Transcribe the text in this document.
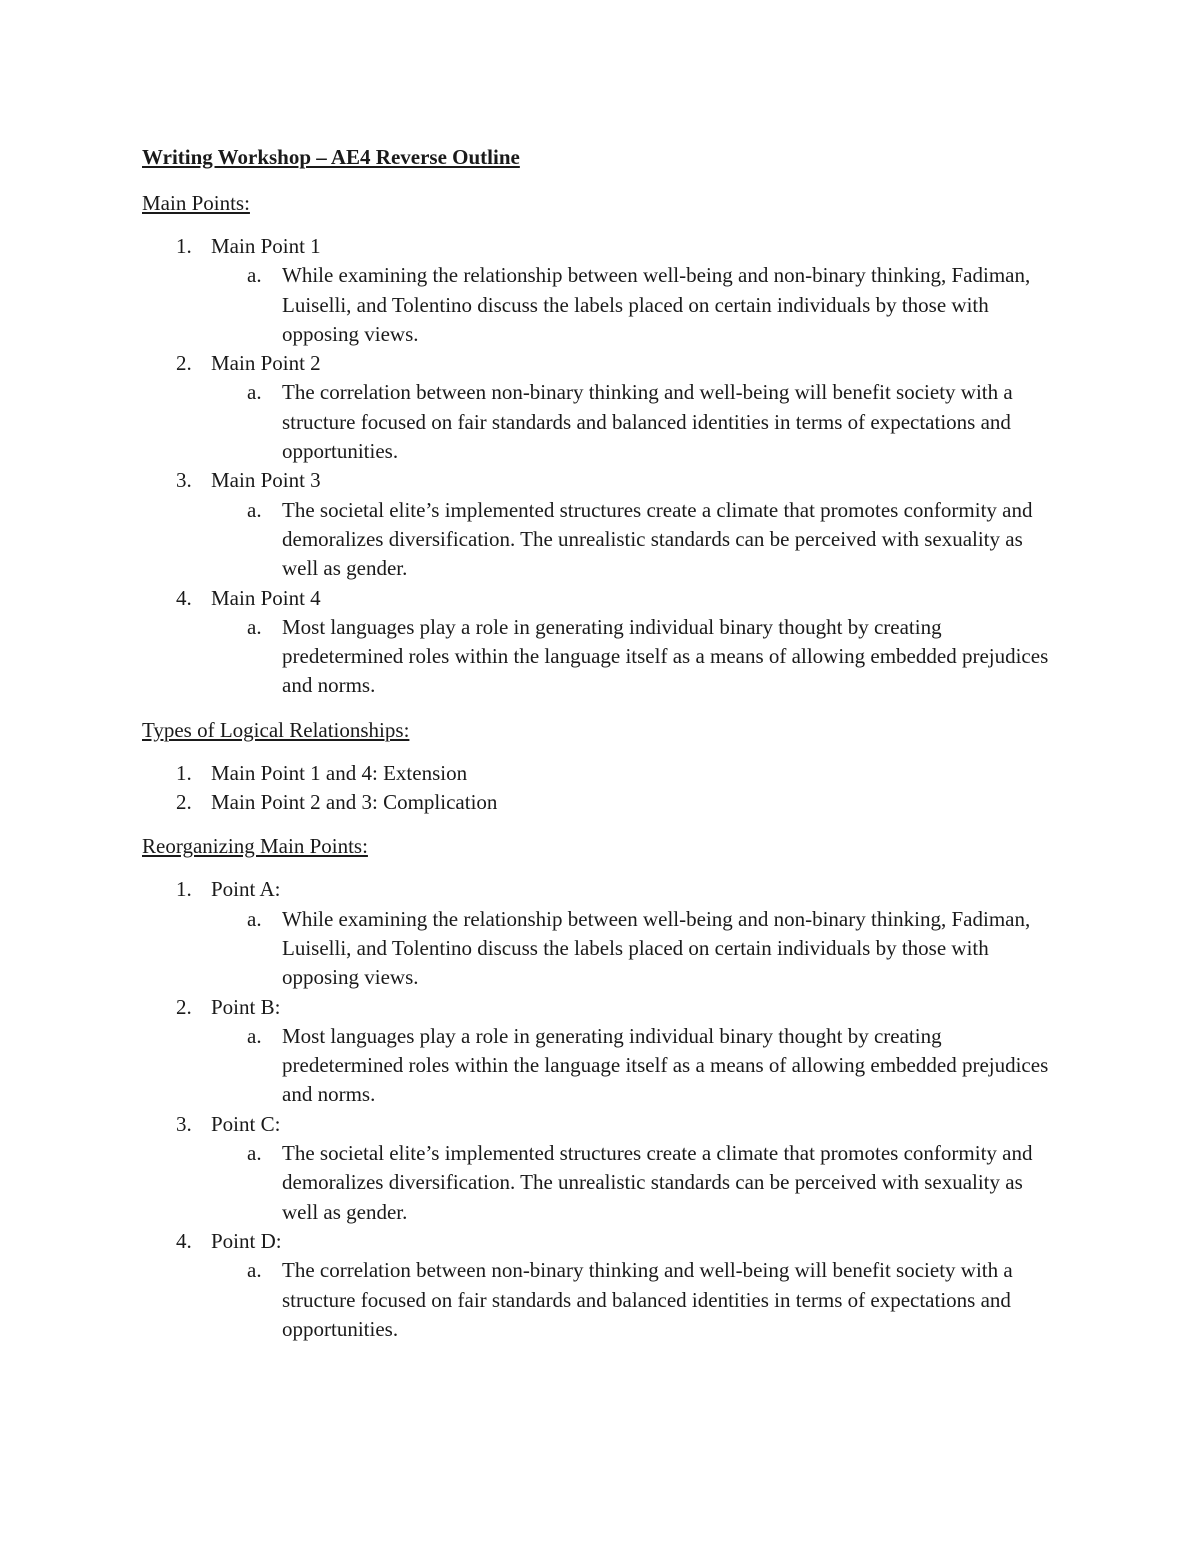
Writing Workshop – AE4 Reverse Outline

Main Points:

1. Main Point 1
a. While examining the relationship between well-being and non-binary thinking, Fadiman, Luiselli, and Tolentino discuss the labels placed on certain individuals by those with opposing views.
2. Main Point 2
a. The correlation between non-binary thinking and well-being will benefit society with a structure focused on fair standards and balanced identities in terms of expectations and opportunities.
3. Main Point 3
a. The societal elite’s implemented structures create a climate that promotes conformity and demoralizes diversification. The unrealistic standards can be perceived with sexuality as well as gender.
4. Main Point 4
a. Most languages play a role in generating individual binary thought by creating predetermined roles within the language itself as a means of allowing embedded prejudices and norms.

Types of Logical Relationships:

1. Main Point 1 and 4: Extension
2. Main Point 2 and 3: Complication

Reorganizing Main Points:

1. Point A:
a. While examining the relationship between well-being and non-binary thinking, Fadiman, Luiselli, and Tolentino discuss the labels placed on certain individuals by those with opposing views.
2. Point B:
a. Most languages play a role in generating individual binary thought by creating predetermined roles within the language itself as a means of allowing embedded prejudices and norms.
3. Point C:
a. The societal elite’s implemented structures create a climate that promotes conformity and demoralizes diversification. The unrealistic standards can be perceived with sexuality as well as gender.
4. Point D:
a. The correlation between non-binary thinking and well-being will benefit society with a structure focused on fair standards and balanced identities in terms of expectations and opportunities.
